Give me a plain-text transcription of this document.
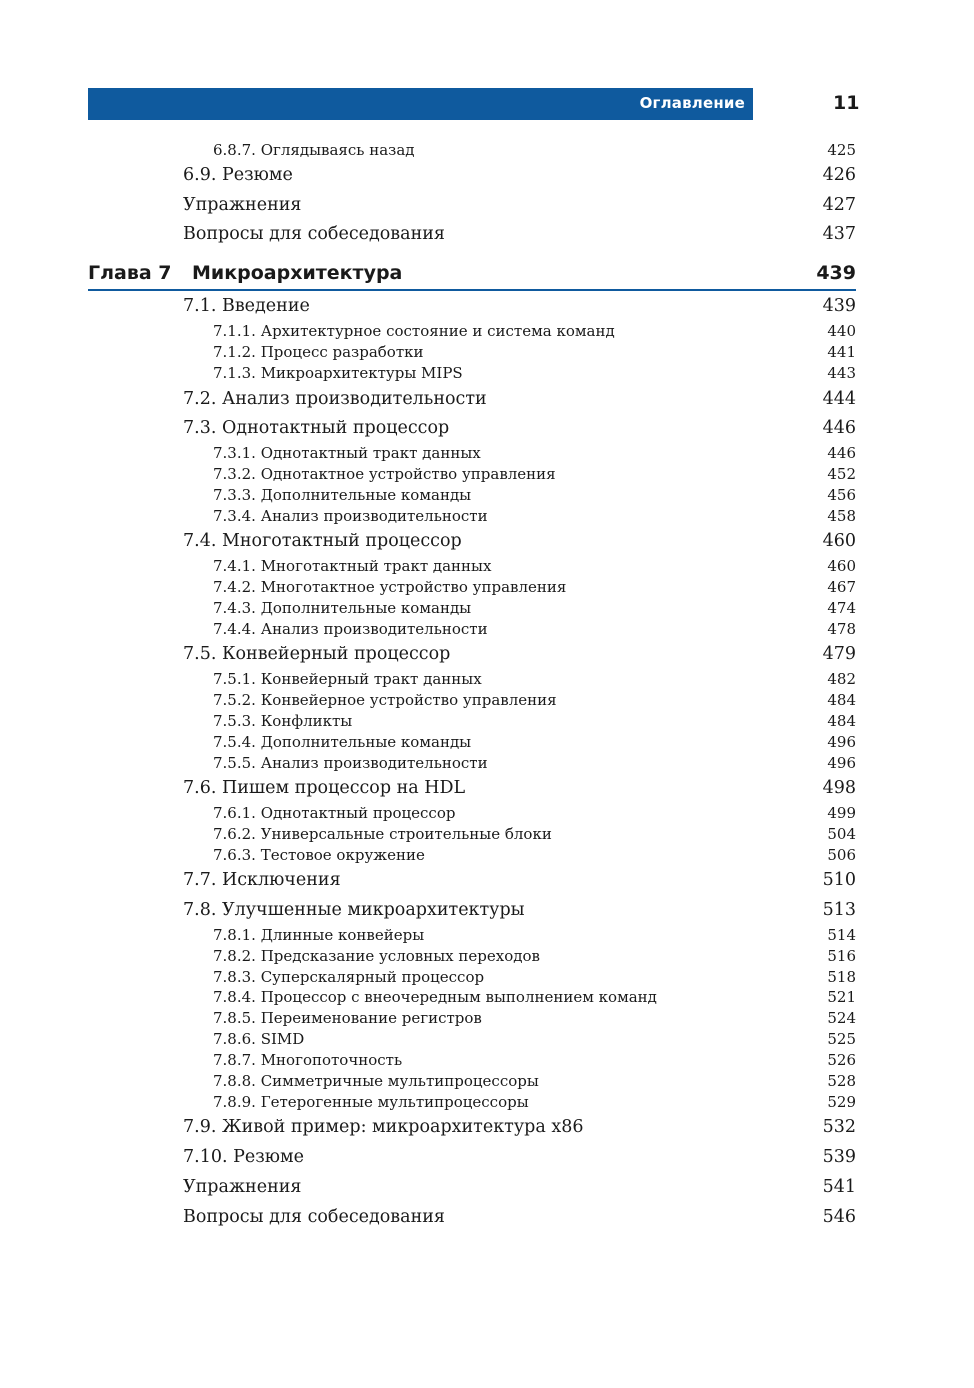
Оглавление	11
6.8.7. Оглядываясь назад	425
6.9. Резюме	426
Упражнения	427
Вопросы для собеседования	437
Глава 7 Микроархитектура	439
7.1. Введение	439
7.1.1. Архитектурное состояние и система команд	440
7.1.2. Процесс разработки	441
7.1.3. Микроархитектуры MIPS	443
7.2. Анализ производительности	444
7.3. Однотактный процессор	446
7.3.1. Однотактный тракт данных	446
7.3.2. Однотактное устройство управления	452
7.3.3. Дополнительные команды	456
7.3.4. Анализ производительности	458
7.4. Многотактный процессор	460
7.4.1. Многотактный тракт данных	460
7.4.2. Многотактное устройство управления	467
7.4.3. Дополнительные команды	474
7.4.4. Анализ производительности	478
7.5. Конвейерный процессор	479
7.5.1. Конвейерный тракт данных	482
7.5.2. Конвейерное устройство управления	484
7.5.3. Конфликты	484
7.5.4. Дополнительные команды	496
7.5.5. Анализ производительности	496
7.6. Пишем процессор на HDL	498
7.6.1. Однотактный процессор	499
7.6.2. Универсальные строительные блоки	504
7.6.3. Тестовое окружение	506
7.7. Исключения	510
7.8. Улучшенные микроархитектуры	513
7.8.1. Длинные конвейеры	514
7.8.2. Предсказание условных переходов	516
7.8.3. Суперскалярный процессор	518
7.8.4. Процессор с внеочередным выполнением команд	521
7.8.5. Переименование регистров	524
7.8.6. SIMD	525
7.8.7. Многопоточность	526
7.8.8. Симметричные мультипроцессоры	528
7.8.9. Гетерогенные мультипроцессоры	529
7.9. Живой пример: микроархитектура x86	532
7.10. Резюме	539
Упражнения	541
Вопросы для собеседования	546
